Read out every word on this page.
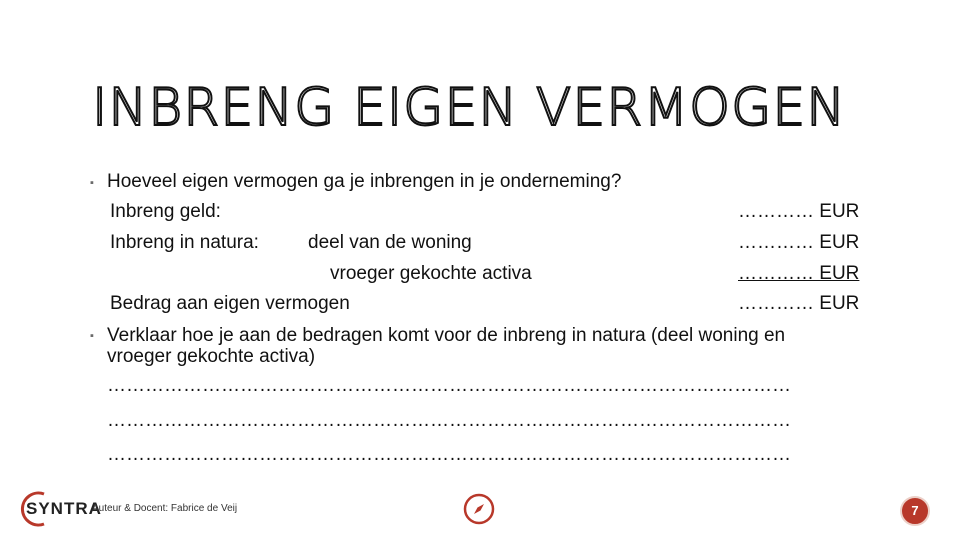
INBRENG EIGEN VERMOGEN
▪ Hoeveel eigen vermogen ga je inbrengen in je onderneming?
Inbreng geld:	………… EUR
Inbreng in natura:	deel van de woning	………… EUR
vroeger gekochte activa	………… EUR
Bedrag aan eigen vermogen	………… EUR
▪ Verklaar hoe je aan de bedragen komt voor de inbreng in natura (deel woning en vroeger gekochte activa)
………………………………………………………………………………………………
………………………………………………………………………………………………
………………………………………………………………………………………………
SYNTRA
Auteur & Docent: Fabrice de Veij	7
